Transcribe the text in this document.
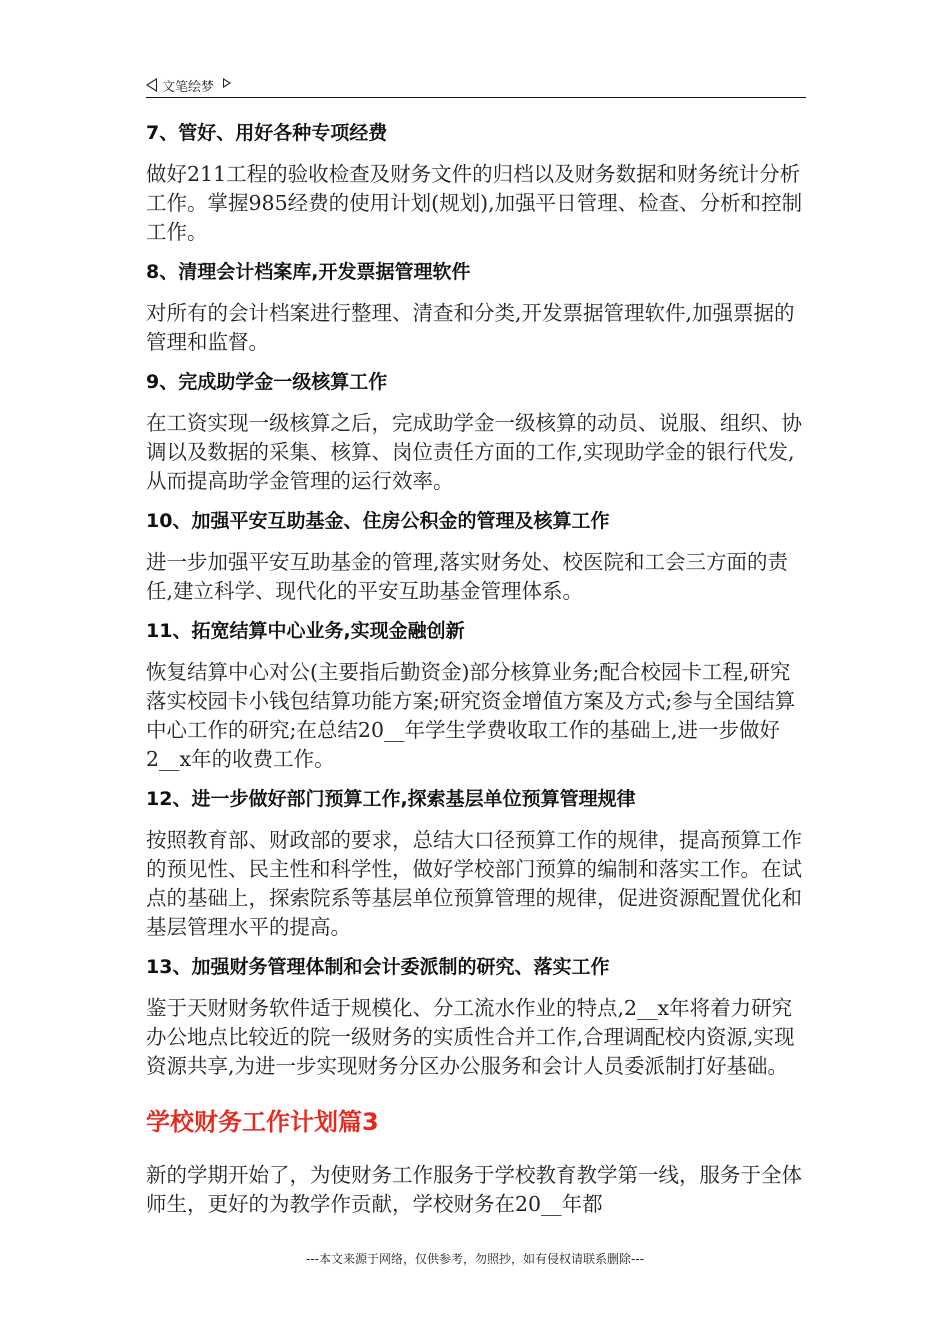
文笔绘梦
7、管好、用好各种专项经费
做好211工程的验收检查及财务文件的归档以及财务数据和财务统计分析工作。掌握985经费的使用计划(规划),加强平日管理、检查、分析和控制工作。
8、清理会计档案库,开发票据管理软件
对所有的会计档案进行整理、清查和分类,开发票据管理软件,加强票据的管理和监督。
9、完成助学金一级核算工作
在工资实现一级核算之后，完成助学金一级核算的动员、说服、组织、协调以及数据的采集、核算、岗位责任方面的工作,实现助学金的银行代发,从而提高助学金管理的运行效率。
10、加强平安互助基金、住房公积金的管理及核算工作
进一步加强平安互助基金的管理,落实财务处、校医院和工会三方面的责任,建立科学、现代化的平安互助基金管理体系。
11、拓宽结算中心业务,实现金融创新
恢复结算中心对公(主要指后勤资金)部分核算业务;配合校园卡工程,研究落实校园卡小钱包结算功能方案;研究资金增值方案及方式;参与全国结算中心工作的研究;在总结20__年学生学费收取工作的基础上,进一步做好2__x年的收费工作。
12、进一步做好部门预算工作,探索基层单位预算管理规律
按照教育部、财政部的要求，总结大口径预算工作的规律，提高预算工作的预见性、民主性和科学性，做好学校部门预算的编制和落实工作。在试点的基础上，探索院系等基层单位预算管理的规律，促进资源配置优化和基层管理水平的提高。
13、加强财务管理体制和会计委派制的研究、落实工作
鉴于天财财务软件适于规模化、分工流水作业的特点,2__x年将着力研究办公地点比较近的院一级财务的实质性合并工作,合理调配校内资源,实现资源共享,为进一步实现财务分区办公服务和会计人员委派制打好基础。
学校财务工作计划篇3
新的学期开始了，为使财务工作服务于学校教育教学第一线，服务于全体师生，更好的为教学作贡献，学校财务在20__年都
---本文来源于网络，仅供参考，勿照抄，如有侵权请联系删除---
